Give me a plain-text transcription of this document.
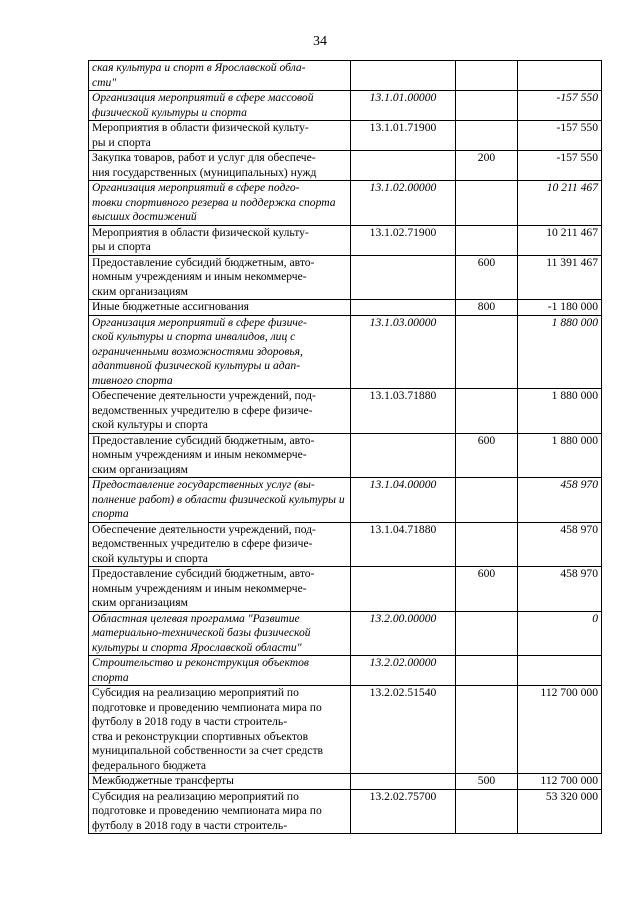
34
ская культура и спорт в Ярославской обла-
сти"			
Организация мероприятий в сфере массовой физической культуры и спорта	13.1.01.00000		-157 550
Мероприятия в области физической культу-
ры и спорта	13.1.01.71900		-157 550
Закупка товаров, работ и услуг для обеспече-
ния государственных (муниципальных) нужд		200	-157 550
Организация мероприятий в сфере подго-
товки спортивного резерва и поддержка спорта высших достижений	13.1.02.00000		10 211 467
Мероприятия в области физической культу-
ры и спорта	13.1.02.71900		10 211 467
Предоставление субсидий бюджетным, авто-
номным учреждениям и иным некоммерче-
ским организациям		600	11 391 467
Иные бюджетные ассигнования		800	-1 180 000
Организация мероприятий в сфере физиче-
ской культуры и спорта инвалидов, лиц с ограниченными возможностями здоровья, адаптивной физической культуры и адап-
тивного спорта	13.1.03.00000		1 880 000
Обеспечение деятельности учреждений, под-
ведомственных учредителю в сфере физиче-
ской культуры и спорта	13.1.03.71880		1 880 000
Предоставление субсидий бюджетным, авто-
номным учреждениям и иным некоммерче-
ским организациям		600	1 880 000
Предоставление государственных услуг (вы-
полнение работ) в области физической культуры и спорта	13.1.04.00000		458 970
Обеспечение деятельности учреждений, под-
ведомственных учредителю в сфере физиче-
ской культуры и спорта	13.1.04.71880		458 970
Предоставление субсидий бюджетным, авто-
номным учреждениям и иным некоммерче-
ским организациям		600	458 970
Областная целевая программа "Развитие материально-технической базы физической культуры и спорта Ярославской области"	13.2.00.00000		0
Строительство и реконструкция объектов спорта	13.2.02.00000		
Субсидия на реализацию мероприятий по подготовке и проведению чемпионата мира по футболу в 2018 году в части строитель-
ства и реконструкции спортивных объектов муниципальной собственности за счет средств федерального бюджета	13.2.02.51540		112 700 000
Межбюджетные трансферты		500	112 700 000
Субсидия на реализацию мероприятий по подготовке и проведению чемпионата мира по футболу в 2018 году в части строитель-	13.2.02.75700		53 320 000
